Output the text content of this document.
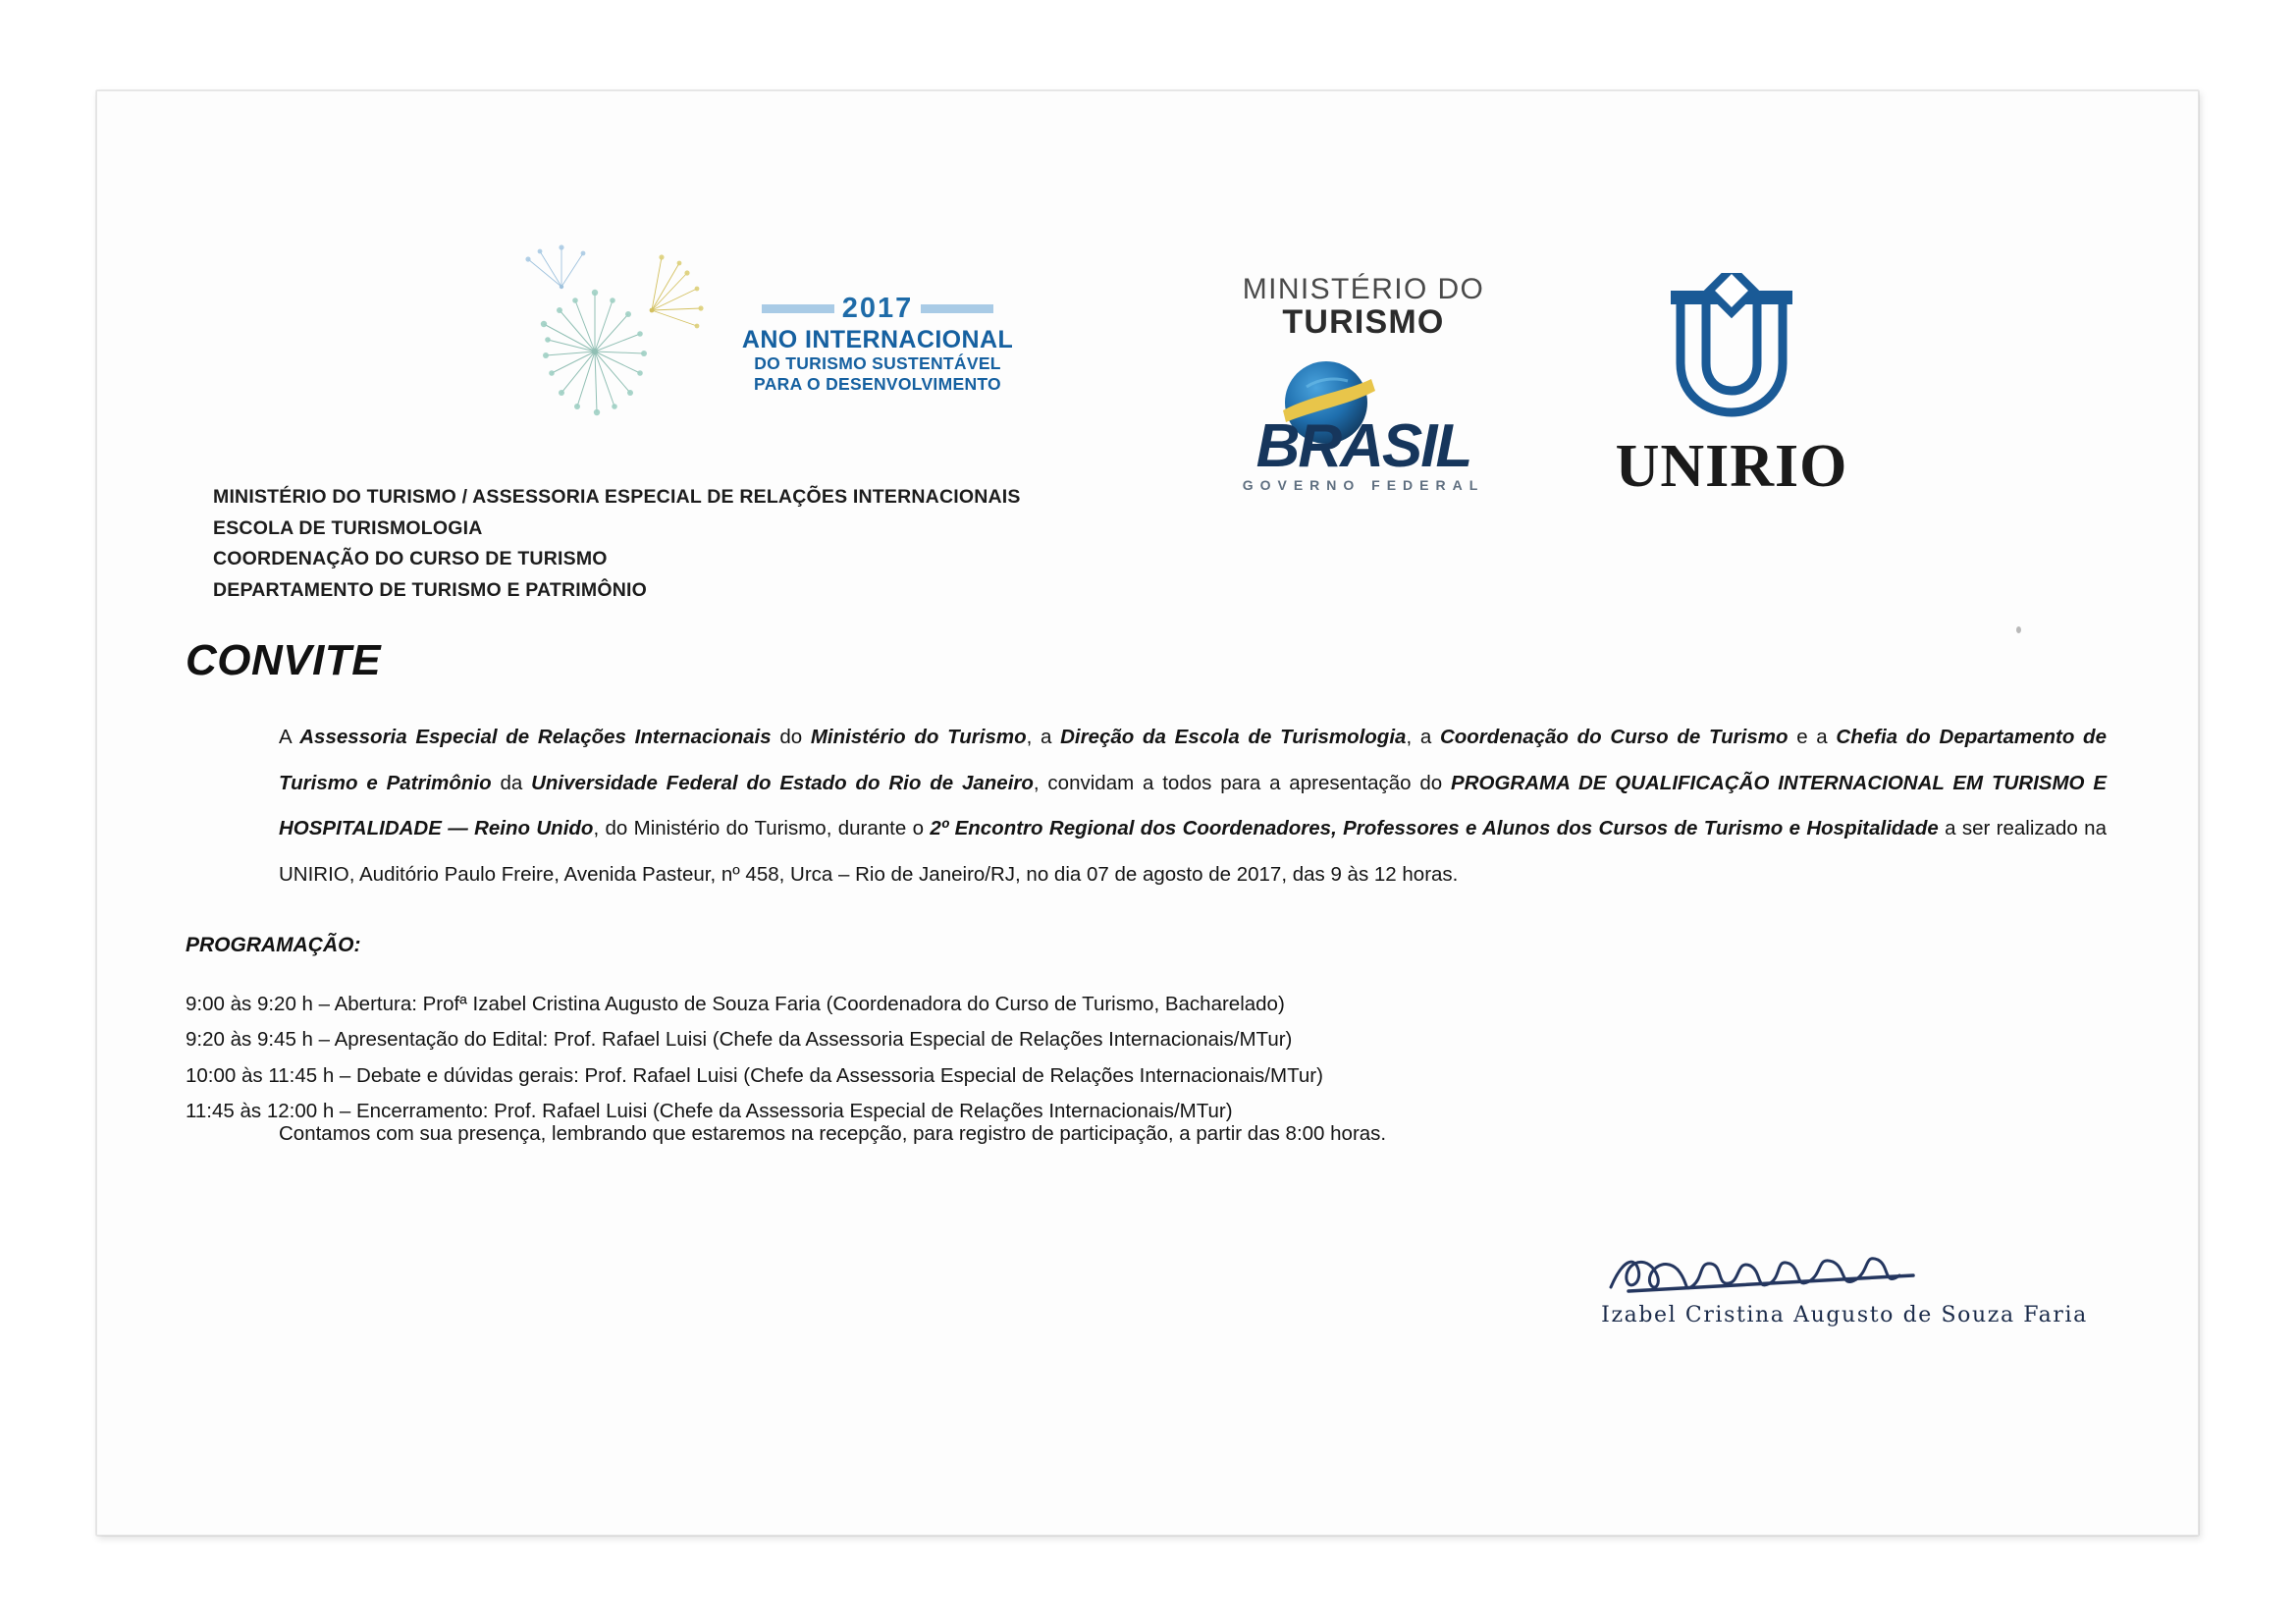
2017
ANO INTERNACIONAL
DO TURISMO SUSTENTÁVEL
PARA O DESENVOLVIMENTO
MINISTÉRIO DO
TURISMO
BRASIL
GOVERNO FEDERAL	UNIRIO
MINISTÉRIO DO TURISMO / ASSESSORIA ESPECIAL DE RELAÇÕES INTERNACIONAIS
ESCOLA DE TURISMOLOGIA
COORDENAÇÃO DO CURSO DE TURISMO
DEPARTAMENTO DE TURISMO E PATRIMÔNIO
CONVITE
A Assessoria Especial de Relações Internacionais do Ministério do Turismo, a Direção da Escola de Turismologia, a Coordenação do Curso de Turismo e a Chefia do Departamento de Turismo e Patrimônio da Universidade Federal do Estado do Rio de Janeiro, convidam a todos para a apresentação do PROGRAMA DE QUALIFICAÇÃO INTERNACIONAL EM TURISMO E HOSPITALIDADE — Reino Unido, do Ministério do Turismo, durante o 2º Encontro Regional dos Coordenadores, Professores e Alunos dos Cursos de Turismo e Hospitalidade a ser realizado na UNIRIO, Auditório Paulo Freire, Avenida Pasteur, nº 458, Urca – Rio de Janeiro/RJ, no dia 07 de agosto de 2017, das 9 às 12 horas.
PROGRAMAÇÃO:
9:00 às 9:20 h – Abertura: Profª Izabel Cristina Augusto de Souza Faria (Coordenadora do Curso de Turismo, Bacharelado)
9:20 às 9:45 h – Apresentação do Edital: Prof. Rafael Luisi (Chefe da Assessoria Especial de Relações Internacionais/MTur)
10:00 às 11:45 h – Debate e dúvidas gerais: Prof. Rafael Luisi (Chefe da Assessoria Especial de Relações Internacionais/MTur)
11:45 às 12:00 h – Encerramento: Prof. Rafael Luisi (Chefe da Assessoria Especial de Relações Internacionais/MTur)
Contamos com sua presença, lembrando que estaremos na recepção, para registro de participação, a partir das 8:00 horas.
Izabel Cristina Augusto de Souza Faria
